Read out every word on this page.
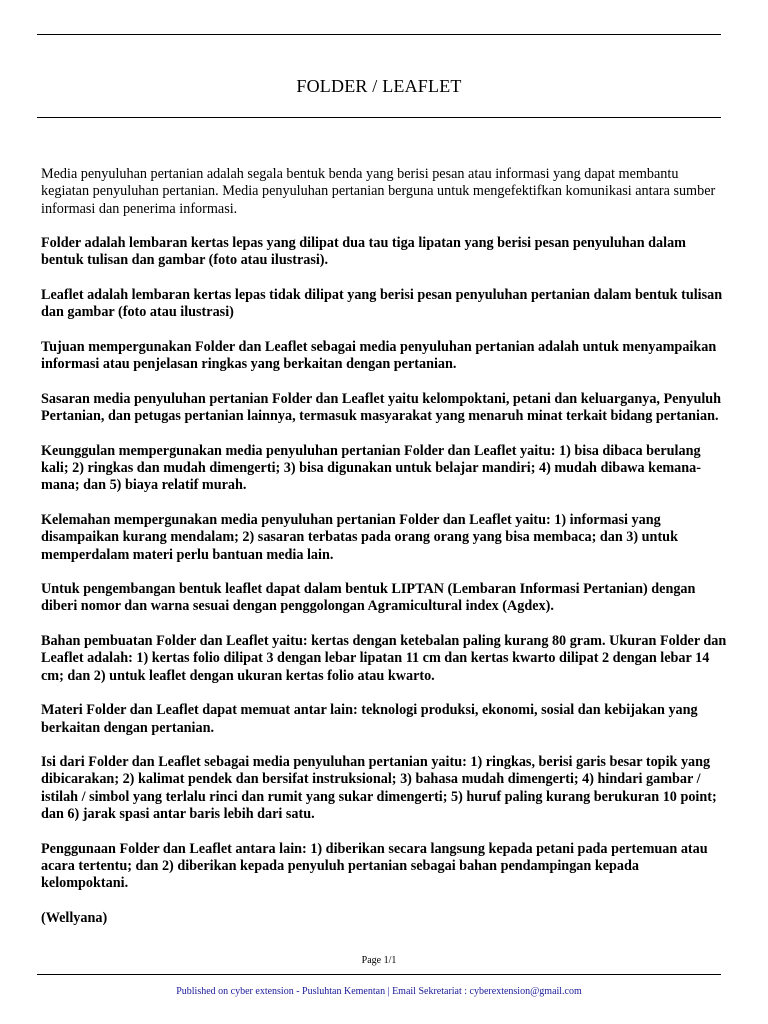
FOLDER / LEAFLET

Media penyuluhan pertanian adalah segala bentuk benda yang berisi pesan atau informasi yang dapat membantu kegiatan penyuluhan pertanian. Media penyuluhan pertanian berguna untuk mengefektifkan komunikasi antara sumber informasi dan penerima informasi.

Folder adalah lembaran kertas lepas yang dilipat dua tau tiga lipatan yang berisi pesan penyuluhan dalam bentuk tulisan dan gambar (foto atau ilustrasi).

Leaflet adalah lembaran kertas lepas tidak dilipat yang berisi pesan penyuluhan pertanian dalam bentuk tulisan dan gambar (foto atau ilustrasi)

Tujuan mempergunakan Folder dan Leaflet sebagai media penyuluhan pertanian adalah untuk menyampaikan informasi atau penjelasan ringkas yang berkaitan dengan pertanian.

Sasaran media penyuluhan pertanian Folder dan Leaflet yaitu kelompoktani, petani dan keluarganya, Penyuluh Pertanian, dan petugas pertanian lainnya, termasuk masyarakat yang menaruh minat terkait bidang pertanian.

Keunggulan mempergunakan media penyuluhan pertanian Folder dan Leaflet yaitu: 1) bisa dibaca berulang kali; 2) ringkas dan mudah dimengerti; 3) bisa digunakan untuk belajar mandiri; 4) mudah dibawa kemana-mana; dan 5) biaya relatif murah.

Kelemahan mempergunakan media penyuluhan pertanian Folder dan Leaflet yaitu: 1) informasi yang disampaikan kurang mendalam; 2) sasaran terbatas pada orang orang yang bisa membaca; dan 3) untuk memperdalam materi perlu bantuan media lain.

Untuk pengembangan bentuk leaflet dapat dalam bentuk LIPTAN (Lembaran Informasi Pertanian) dengan diberi nomor dan warna sesuai dengan penggolongan Agramicultural index (Agdex).

Bahan pembuatan Folder dan Leaflet yaitu: kertas dengan ketebalan paling kurang 80 gram. Ukuran Folder dan Leaflet adalah: 1) kertas folio dilipat 3 dengan lebar lipatan 11 cm dan kertas kwarto dilipat 2 dengan lebar 14 cm; dan 2) untuk leaflet dengan ukuran kertas folio atau kwarto.

Materi Folder dan Leaflet dapat memuat antar lain: teknologi produksi, ekonomi, sosial dan kebijakan yang berkaitan dengan pertanian.

Isi dari Folder dan Leaflet sebagai media penyuluhan pertanian yaitu: 1) ringkas, berisi garis besar topik yang dibicarakan; 2) kalimat pendek dan bersifat instruksional; 3) bahasa mudah dimengerti; 4) hindari gambar / istilah / simbol yang terlalu rinci dan rumit yang sukar dimengerti; 5) huruf paling kurang berukuran 10 point; dan 6) jarak spasi antar baris lebih dari satu.

Penggunaan Folder dan Leaflet antara lain: 1) diberikan secara langsung kepada petani pada pertemuan atau acara tertentu; dan 2) diberikan kepada penyuluh pertanian sebagai bahan pendampingan kepada kelompoktani.

(Wellyana)

Page 1/1
Published on cyber extension - Pusluhtan Kementan | Email Sekretariat : cyberextension@gmail.com
